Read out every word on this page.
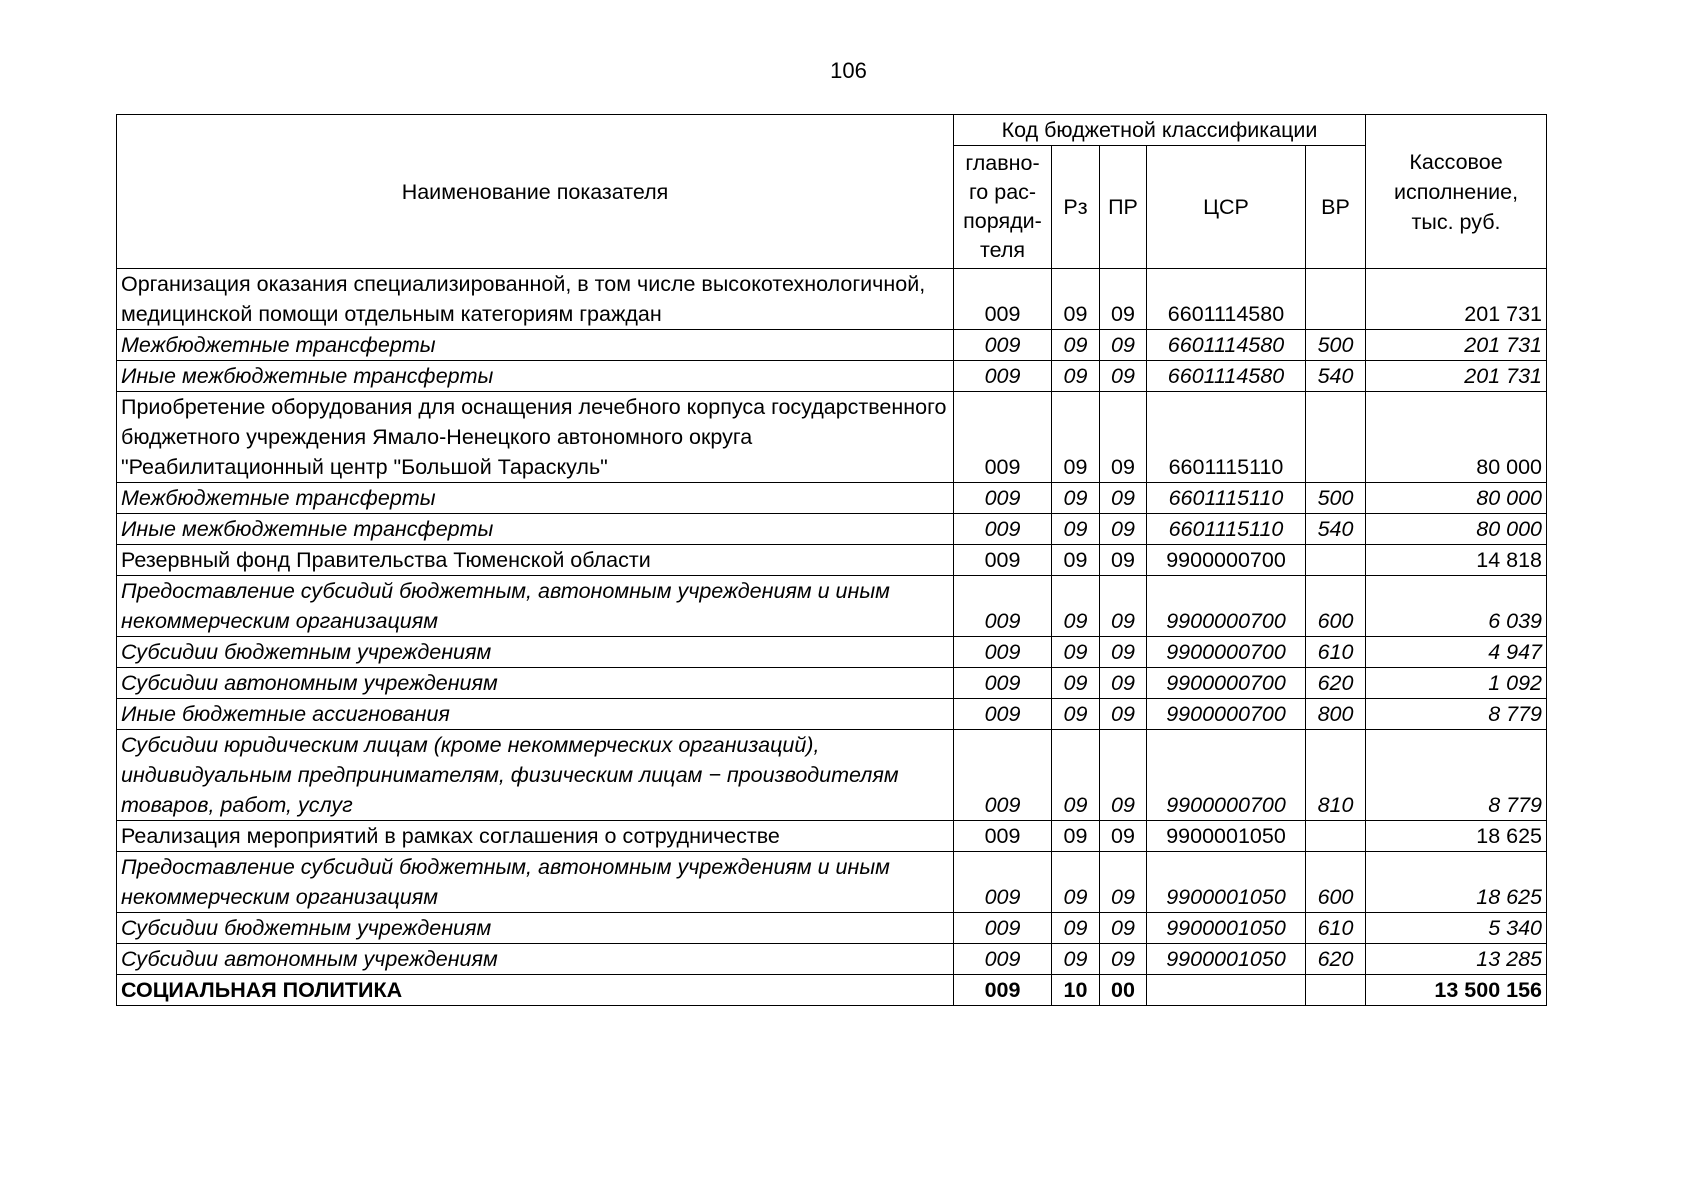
106
Наименование показателя	Код бюджетной классификации					Кассовое исполнение, тыс. руб.
	главно-го рас-поряди-теля	Рз	ПР	ЦСР	ВР	
Организация оказания специализированной, в том числе высокотехнологичной, медицинской помощи отдельным категориям граждан	009	09	09	6601114580		201 731
Межбюджетные трансферты	009	09	09	6601114580	500	201 731
Иные межбюджетные трансферты	009	09	09	6601114580	540	201 731
Приобретение оборудования для оснащения лечебного корпуса государственного бюджетного учреждения Ямало-Ненецкого автономного округа "Реабилитационный центр "Большой Тараскуль"	009	09	09	6601115110		80 000
Межбюджетные трансферты	009	09	09	6601115110	500	80 000
Иные межбюджетные трансферты	009	09	09	6601115110	540	80 000
Резервный фонд Правительства Тюменской области	009	09	09	9900000700		14 818
Предоставление субсидий бюджетным, автономным учреждениям и иным некоммерческим организациям	009	09	09	9900000700	600	6 039
Субсидии бюджетным учреждениям	009	09	09	9900000700	610	4 947
Субсидии автономным учреждениям	009	09	09	9900000700	620	1 092
Иные бюджетные ассигнования	009	09	09	9900000700	800	8 779
Субсидии юридическим лицам (кроме некоммерческих организаций), индивидуальным предпринимателям, физическим лицам − производителям товаров, работ, услуг	009	09	09	9900000700	810	8 779
Реализация мероприятий в рамках соглашения о сотрудничестве	009	09	09	9900001050		18 625
Предоставление субсидий бюджетным, автономным учреждениям и иным некоммерческим организациям	009	09	09	9900001050	600	18 625
Субсидии бюджетным учреждениям	009	09	09	9900001050	610	5 340
Субсидии автономным учреждениям	009	09	09	9900001050	620	13 285
СОЦИАЛЬНАЯ ПОЛИТИКА	009	10	00			13 500 156
